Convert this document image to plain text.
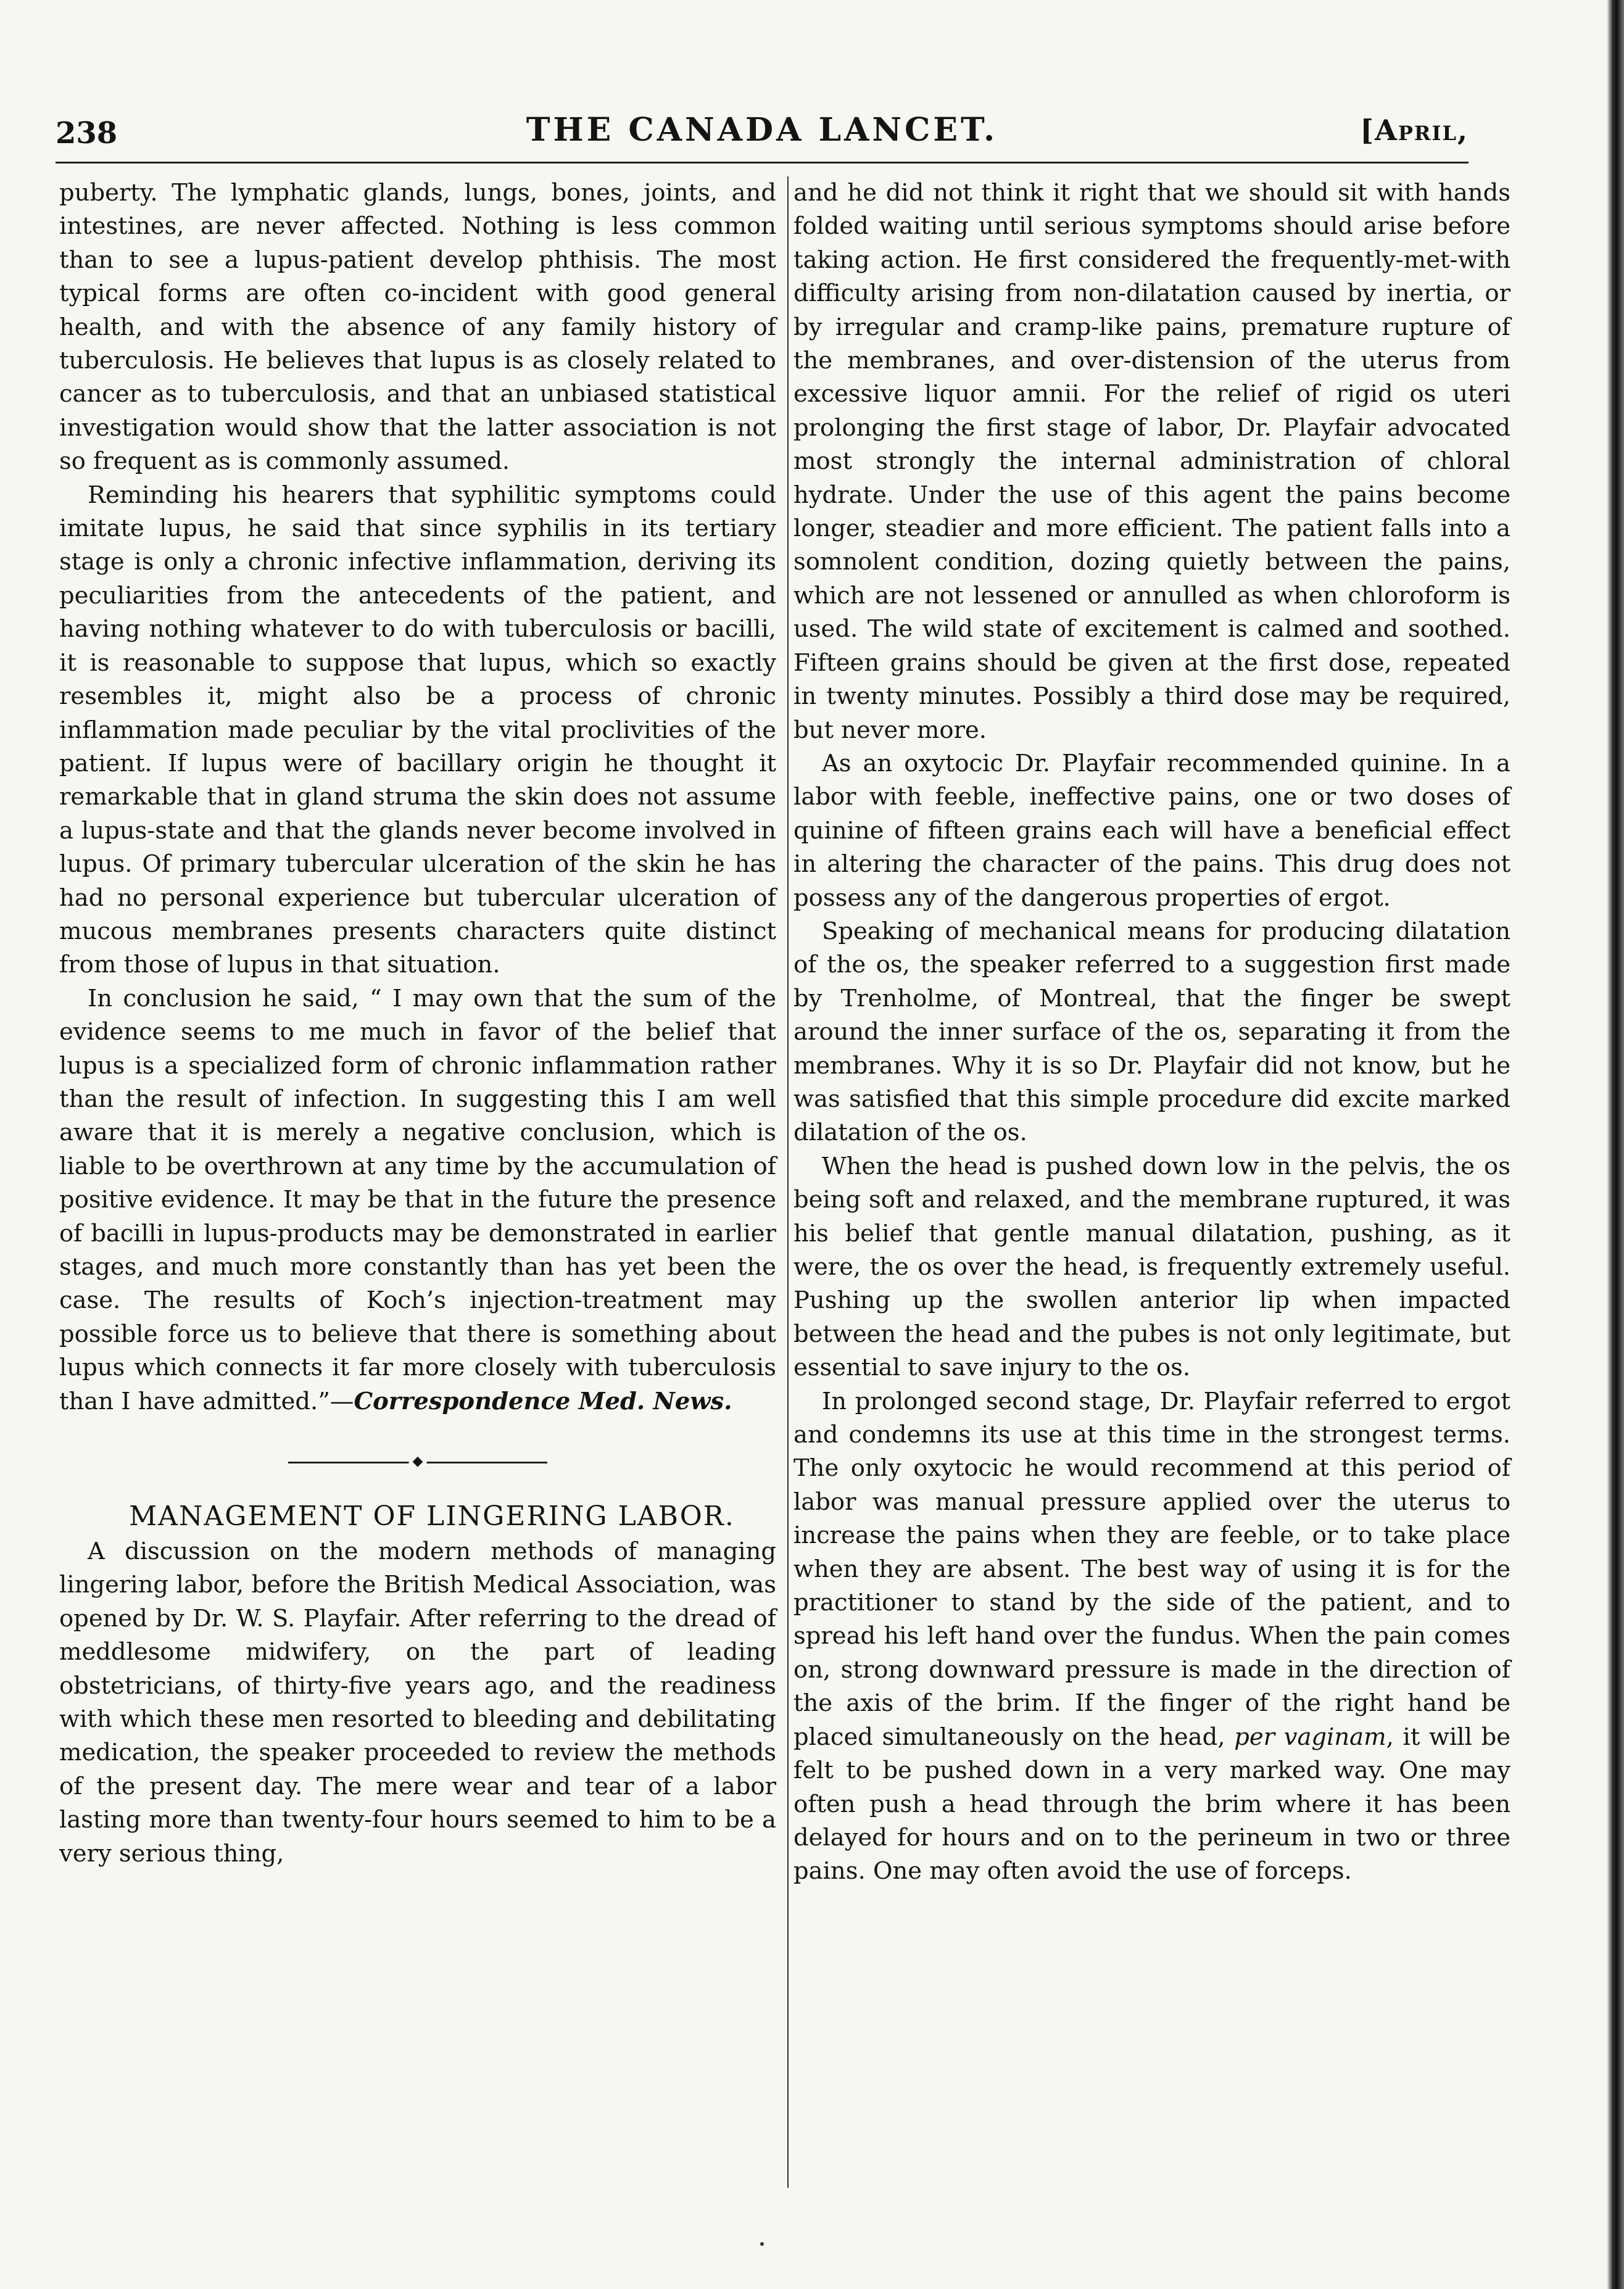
238	THE CANADA LANCET.	[April,

puberty. The lymphatic glands, lungs, bones, joints, and intestines, are never affected. Nothing is less common than to see a lupus-patient develop phthisis. The most typical forms are often co-incident with good general health, and with the absence of any family history of tuberculosis. He believes that lupus is as closely related to cancer as to tuberculosis, and that an unbiased statistical investigation would show that the latter association is not so frequent as is commonly assumed.

Reminding his hearers that syphilitic symptoms could imitate lupus, he said that since syphilis in its tertiary stage is only a chronic infective inflammation, deriving its peculiarities from the antecedents of the patient, and having nothing whatever to do with tuberculosis or bacilli, it is reasonable to suppose that lupus, which so exactly resembles it, might also be a process of chronic inflammation made peculiar by the vital proclivities of the patient. If lupus were of bacillary origin he thought it remarkable that in gland struma the skin does not assume a lupus-state and that the glands never become involved in lupus. Of primary tubercular ulceration of the skin he has had no personal experience but tubercular ulceration of mucous membranes presents characters quite distinct from those of lupus in that situation.

In conclusion he said, “ I may own that the sum of the evidence seems to me much in favor of the belief that lupus is a specialized form of chronic inflammation rather than the result of infection. In suggesting this I am well aware that it is merely a negative conclusion, which is liable to be overthrown at any time by the accumulation of positive evidence. It may be that in the future the presence of bacilli in lupus-products may be demonstrated in earlier stages, and much more constantly than has yet been the case. The results of Koch’s injection-treatment may possible force us to believe that there is something about lupus which connects it far more closely with tuberculosis than I have admitted.”—Correspondence Med. News.

◆

MANAGEMENT OF LINGERING LABOR.

A discussion on the modern methods of managing lingering labor, before the British Medical Association, was opened by Dr. W. S. Playfair. After referring to the dread of meddlesome midwifery, on the part of leading obstetricians, of thirty-five years ago, and the readiness with which these men resorted to bleeding and debilitating medication, the speaker proceeded to review the methods of the present day. The mere wear and tear of a labor lasting more than twenty-four hours seemed to him to be a very serious thing,

and he did not think it right that we should sit with hands folded waiting until serious symptoms should arise before taking action. He first considered the frequently-met-with difficulty arising from non-dilatation caused by inertia, or by irregular and cramp-like pains, premature rupture of the membranes, and over-distension of the uterus from excessive liquor amnii. For the relief of rigid os uteri prolonging the first stage of labor, Dr. Playfair advocated most strongly the internal administration of chloral hydrate. Under the use of this agent the pains become longer, steadier and more efficient. The patient falls into a somnolent condition, dozing quietly between the pains, which are not lessened or annulled as when chloroform is used. The wild state of excitement is calmed and soothed. Fifteen grains should be given at the first dose, repeated in twenty minutes. Possibly a third dose may be required, but never more.

As an oxytocic Dr. Playfair recommended quinine. In a labor with feeble, ineffective pains, one or two doses of quinine of fifteen grains each will have a beneficial effect in altering the character of the pains. This drug does not possess any of the dangerous properties of ergot.

Speaking of mechanical means for producing dilatation of the os, the speaker referred to a suggestion first made by Trenholme, of Montreal, that the finger be swept around the inner surface of the os, separating it from the membranes. Why it is so Dr. Playfair did not know, but he was satisfied that this simple procedure did excite marked dilatation of the os.

When the head is pushed down low in the pelvis, the os being soft and relaxed, and the membrane ruptured, it was his belief that gentle manual dilatation, pushing, as it were, the os over the head, is frequently extremely useful. Pushing up the swollen anterior lip when impacted between the head and the pubes is not only legitimate, but essential to save injury to the os.

In prolonged second stage, Dr. Playfair referred to ergot and condemns its use at this time in the strongest terms. The only oxytocic he would recommend at this period of labor was manual pressure applied over the uterus to increase the pains when they are feeble, or to take place when they are absent. The best way of using it is for the practitioner to stand by the side of the patient, and to spread his left hand over the fundus. When the pain comes on, strong downward pressure is made in the direction of the axis of the brim. If the finger of the right hand be placed simultaneously on the head, per vaginam, it will be felt to be pushed down in a very marked way. One may often push a head through the brim where it has been delayed for hours and on to the perineum in two or three pains. One may often avoid the use of forceps.
